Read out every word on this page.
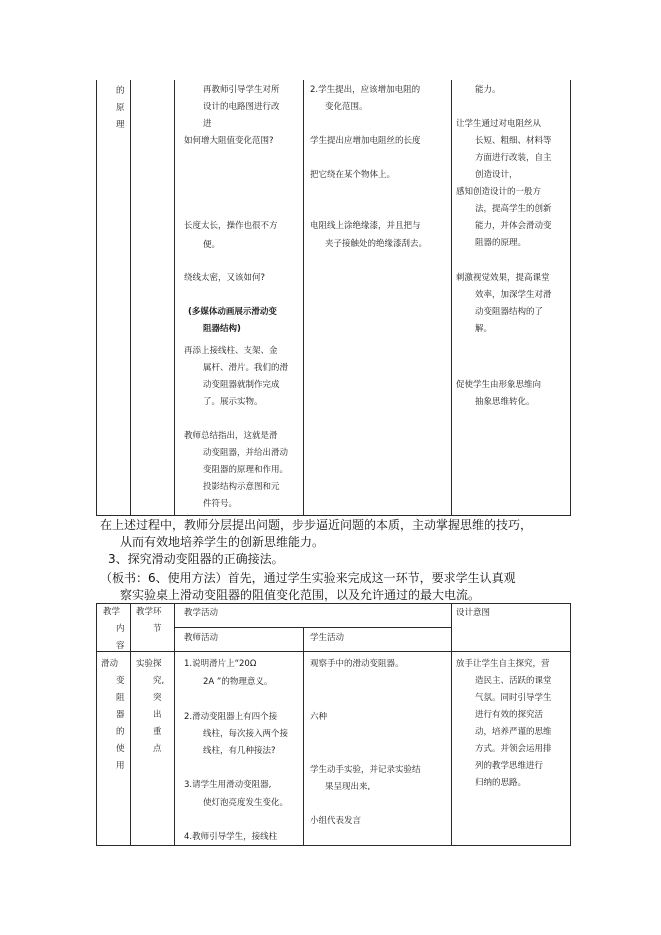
的
原
理
再教师引导学生对所
设计的电路图进行改
进
如何增大阻值变化范围?
长度太长，操作也很不方
便。
绕线太密，又该如何?
(多媒体动画展示滑动变
阻器结构)
再添上接线柱、支架、金
属杆、滑片。我们的滑
动变阻器就制作完成
了。展示实物。
教师总结指出，这就是滑
动变阻器，并给出滑动
变阻器的原理和作用。
投影结构示意图和元
件符号。
2.学生提出，应该增加电阻的
变化范围。
学生提出应增加电阻丝的长度
把它绕在某个物体上。
电阻线上涂绝缘漆，并且把与
夹子接触处的绝缘漆刮去。
能力。
让学生通过对电阻丝从
长短、粗细、材料等
方面进行改装，自主
创造设计，
感知创造设计的一般方
法，提高学生的创新
能力，并体会滑动变
阻器的原理。
刺激视觉效果，提高课堂
效率，加深学生对滑
动变阻器结构的了
解。
促使学生由形象思维向
抽象思维转化。
在上述过程中，教师分层提出问题，步步逼近问题的本质，主动掌握思维的技巧，
从而有效地培养学生的创新思维能力。
3、探究滑动变阻器的正确接法。
（板书：6、使用方法）首先，通过学生实验来完成这一环节，要求学生认真观
察实验桌上滑动变阻器的阻值变化范围，以及允许通过的最大电流。
教学
内
容
教学环
节
教学活动
教师活动	学生活动
设计意图
滑动
变
阻
器
的
使
用
实验探
究,
突
出
重
点
1.说明滑片上“20Ω
2A ”的物理意义。
2.滑动变阻器上有四个接
线柱，每次接入两个接
线柱，有几种接法?
3.请学生用滑动变阻器,
使灯泡亮度发生变化。
4.教师引导学生，接线柱
观察手中的滑动变阻器。
六种
学生动手实验，并记录实验结
果呈现出来,
小组代表发言
放手让学生自主探究，营
造民主、活跃的课堂
气氛。同时引导学生
进行有效的探究活
动，培养严谨的思维
方式。并领会运用排
列的教学思维进行
归纳的思路。
